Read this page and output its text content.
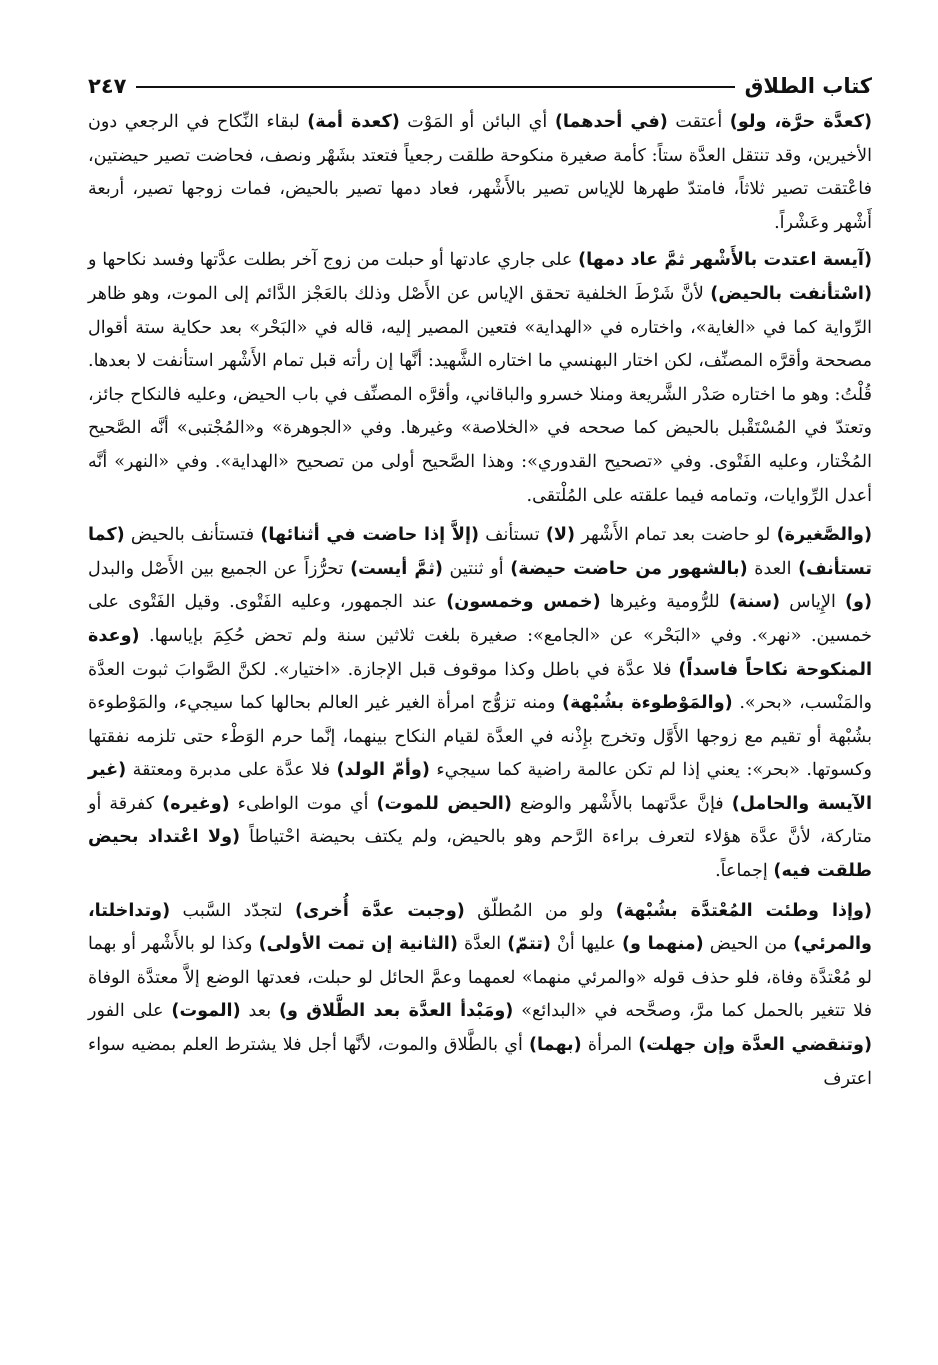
كتاب الطلاق
٢٤٧

(كعدَّة حرَّة، ولو) أعتقت (في أحدهما) أي البائن أو المَوْت (كعدة أمة) لبقاء النِّكاح في الرجعي دون الأخيرين، وقد تنتقل العدَّة ستاً: كأمة صغيرة منكوحة طلقت رجعياً فتعتد بشَهْر ونصف، فحاضت تصير حيضتين، فاعْتقت تصير ثلاثاً، فامتدّ طهرها للإياس تصير بالأَشْهر، فعاد دمها تصير بالحيض، فمات زوجها تصير، أربعة أَشْهر وعَشْراً.

(آيسة اعتدت بالأَشْهر ثمَّ عاد دمها) على جاري عادتها أو حبلت من زوج آخر بطلت عدَّتها وفسد نكاحها و (اسْتأنفت بالحيض) لأنَّ شَرْطَ الخلفية تحقق الإياس عن الأَصْل وذلك بالعَجْز الدَّائم إلى الموت، وهو ظاهر الرِّواية كما في «الغاية»، واختاره في «الهداية» فتعين المصير إليه، قاله في «البَحْر» بعد حكاية ستة أقوال مصححة وأقرَّه المصنِّف، لكن اختار البهنسي ما اختاره الشَّهيد: أنَّها إن رأته قبل تمام الأَشْهر استأنفت لا بعدها. قُلْتُ: وهو ما اختاره صَدْر الشَّريعة ومنلا خسرو والباقاني، وأقرَّه المصنِّف في باب الحيض، وعليه فالنكاح جائز، وتعتدّ في المُسْتَقْبل بالحيض كما صححه في «الخلاصة» وغيرها. وفي «الجوهرة» و«المُجْتبى» أنَّه الصَّحيح المُخْتار، وعليه الفَتْوى. وفي «تصحيح القدوري»: وهذا الصَّحيح أولى من تصحيح «الهداية». وفي «النهر» أنَّه أعدل الرِّوايات، وتمامه فيما علقته على المُلْتقى.

(والصَّغيرة) لو حاضت بعد تمام الأَشْهر (لا) تستأنف (إلاَّ إذا حاضت في أثنائها) فتستأنف بالحيض (كما تستأنف) العدة (بالشهور من حاضت حيضة) أو ثنتين (ثمَّ أيست) تحرُّزاً عن الجميع بين الأَصْل والبدل (و) الإِياس (سنة) للرُّومية وغيرها (خمس وخمسون) عند الجمهور، وعليه الفَتْوى. وقيل الفَتْوى على خمسين. «نهر». وفي «البَحْر» عن «الجامع»: صغيرة بلغت ثلاثين سنة ولم تحض حُكِمَ بإياسها. (وعدة المنكوحة نكاحاً فاسداً) فلا عدَّة في باطل وكذا موقوف قبل الإجازة. «اختيار». لكنَّ الصَّوابَ ثبوت العدَّة والمَنْسب، «بحر». (والمَوْطوءة بشُبْهة) ومنه تزوُّج امرأة الغير غير العالم بحالها كما سيجيء، والمَوْطوءة بشُبْهة أو تقيم مع زوجها الأَوَّل وتخرج بإِذْنه في العدَّة لقيام النكاح بينهما، إنَّما حرم الوَطْء حتى تلزمه نفقتها وكسوتها. «بحر»: يعني إذا لم تكن عالمة راضية كما سيجيء (وأمّ الولد) فلا عدَّة على مدبرة ومعتقة (غير الآيسة والحامل) فإنَّ عدَّتهما بالأَشْهر والوضع (الحيض للموت) أي موت الواطىء (وغيره) كفرقة أو متاركة، لأنَّ عدَّة هؤلاء لتعرف براءة الرَّحم وهو بالحيض، ولم يكتف بحيضة احْتياطاً (ولا اعْتداد بحيض طلقت فيه) إجماعاً.

(وإذا وطئت المُعْتدَّة بشُبْهة) ولو من المُطلّق (وجبت عدَّة أُخرى) لتجدّد السَّبب (وتداخلتا، والمرئي) من الحيض (منهما و) عليها أنْ (تتمّ) العدَّة (الثانية إن تمت الأولى) وكذا لو بالأَشْهر أو بهما لو مُعْتدَّة وفاة، فلو حذف قوله «والمرئي منهما» لعمهما وعمَّ الحائل لو حبلت، فعدتها الوضع إلاَّ معتدَّة الوفاة فلا تتغير بالحمل كما مرَّ، وصحَّحه في «البدائع» (ومَبْدأ العدَّة بعد الطَّلاق و) بعد (الموت) على الفور (وتنقضي العدَّة وإن جهلت) المرأة (بهما) أي بالطَّلاق والموت، لأنَّها أجل فلا يشترط العلم بمضيه سواء اعترف
